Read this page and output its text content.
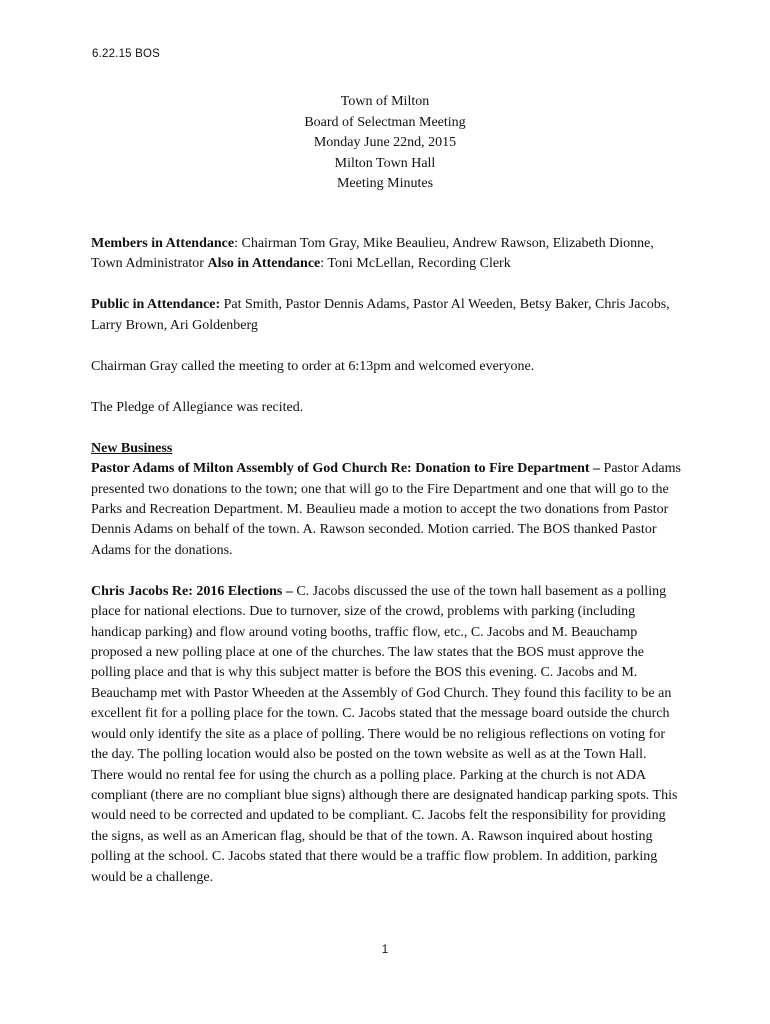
6.22.15 BOS
Town of Milton
Board of Selectman Meeting
Monday June 22nd, 2015
Milton Town Hall
Meeting Minutes

Members in Attendance: Chairman Tom Gray, Mike Beaulieu, Andrew Rawson, Elizabeth Dionne, Town Administrator Also in Attendance: Toni McLellan, Recording Clerk

Public in Attendance: Pat Smith, Pastor Dennis Adams, Pastor Al Weeden, Betsy Baker, Chris Jacobs, Larry Brown, Ari Goldenberg

Chairman Gray called the meeting to order at 6:13pm and welcomed everyone.

The Pledge of Allegiance was recited.

New Business
Pastor Adams of Milton Assembly of God Church Re: Donation to Fire Department – Pastor Adams presented two donations to the town; one that will go to the Fire Department and one that will go to the Parks and Recreation Department. M. Beaulieu made a motion to accept the two donations from Pastor Dennis Adams on behalf of the town. A. Rawson seconded. Motion carried. The BOS thanked Pastor Adams for the donations.

Chris Jacobs Re: 2016 Elections – C. Jacobs discussed the use of the town hall basement as a polling place for national elections. Due to turnover, size of the crowd, problems with parking (including handicap parking) and flow around voting booths, traffic flow, etc., C. Jacobs and M. Beauchamp proposed a new polling place at one of the churches. The law states that the BOS must approve the polling place and that is why this subject matter is before the BOS this evening. C. Jacobs and M. Beauchamp met with Pastor Wheeden at the Assembly of God Church. They found this facility to be an excellent fit for a polling place for the town. C. Jacobs stated that the message board outside the church would only identify the site as a place of polling. There would be no religious reflections on voting for the day. The polling location would also be posted on the town website as well as at the Town Hall. There would no rental fee for using the church as a polling place. Parking at the church is not ADA compliant (there are no compliant blue signs) although there are designated handicap parking spots. This would need to be corrected and updated to be compliant. C. Jacobs felt the responsibility for providing the signs, as well as an American flag, should be that of the town. A. Rawson inquired about hosting polling at the school. C. Jacobs stated that there would be a traffic flow problem. In addition, parking would be a challenge.

1
